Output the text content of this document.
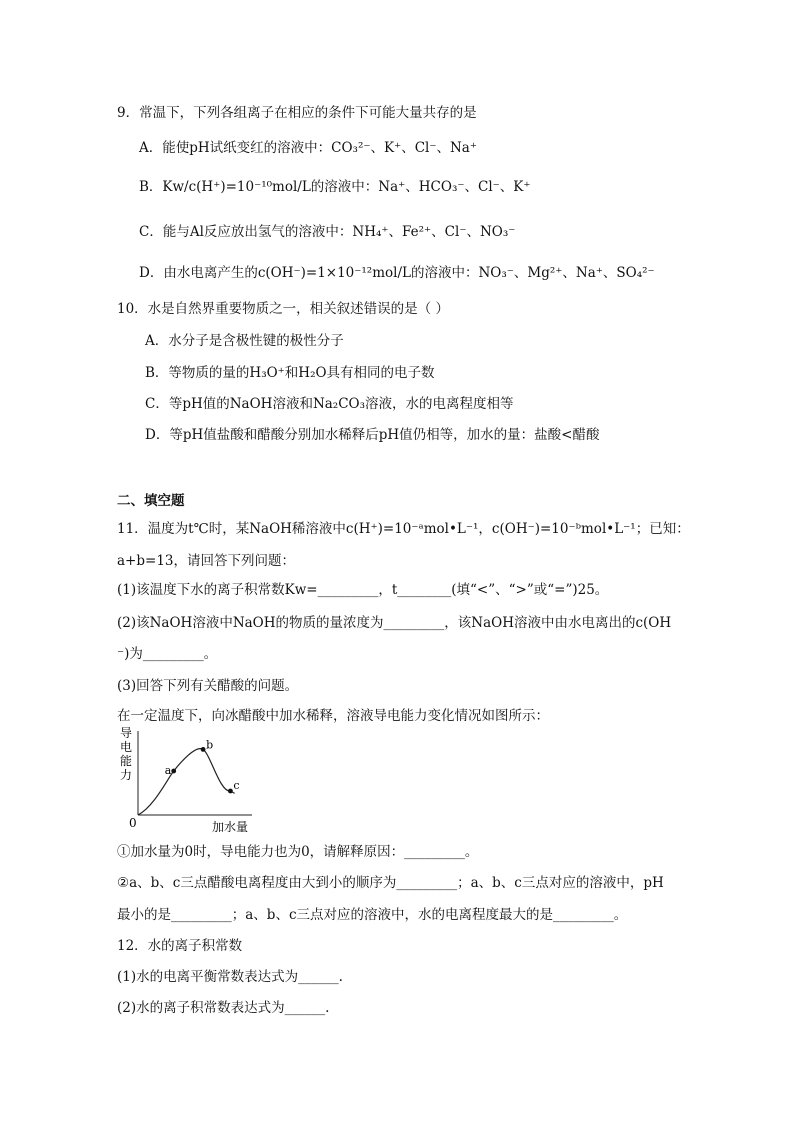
9．常温下，下列各组离子在相应的条件下可能大量共存的是
A．能使pH试纸变红的溶液中：CO₃²⁻、K⁺、Cl⁻、Na⁺
B．Kw/c(H⁺)=10⁻¹⁰mol/L的溶液中：Na⁺、HCO₃⁻、Cl⁻、K⁺
C．能与Al反应放出氢气的溶液中：NH₄⁺、Fe²⁺、Cl⁻、NO₃⁻
D．由水电离产生的c(OH⁻)=1×10⁻¹²mol/L的溶液中：NO₃⁻、Mg²⁺、Na⁺、SO₄²⁻
10．水是自然界重要物质之一，相关叙述错误的是（ ）
A．水分子是含极性键的极性分子
B．等物质的量的H₃O⁺和H₂O具有相同的电子数
C．等pH值的NaOH溶液和Na₂CO₃溶液，水的电离程度相等
D．等pH值盐酸和醋酸分别加水稀释后pH值仍相等，加水的量：盐酸<醋酸
二、填空题
11．温度为t℃时，某NaOH稀溶液中c(H⁺)=10⁻ᵃmol•L⁻¹，c(OH⁻)=10⁻ᵇmol•L⁻¹；已知：
a+b=13，请回答下列问题：
(1)该温度下水的离子积常数Kw=_________，t________(填“<”、“>”或“=”)25。
(2)该NaOH溶液中NaOH的物质的量浓度为_________，该NaOH溶液中由水电离出的c(OH
⁻)为_________。
(3)回答下列有关醋酸的问题。
在一定温度下，向冰醋酸中加水稀释，溶液导电能力变化情况如图所示：
导
电
能
力
0	加水量
a
b
c
①加水量为0时，导电能力也为0，请解释原因：_________。
②a、b、c三点醋酸电离程度由大到小的顺序为_________；a、b、c三点对应的溶液中，pH
最小的是_________；a、b、c三点对应的溶液中，水的电离程度最大的是_________。
12．水的离子积常数
(1)水的电离平衡常数表达式为______.
(2)水的离子积常数表达式为______.
